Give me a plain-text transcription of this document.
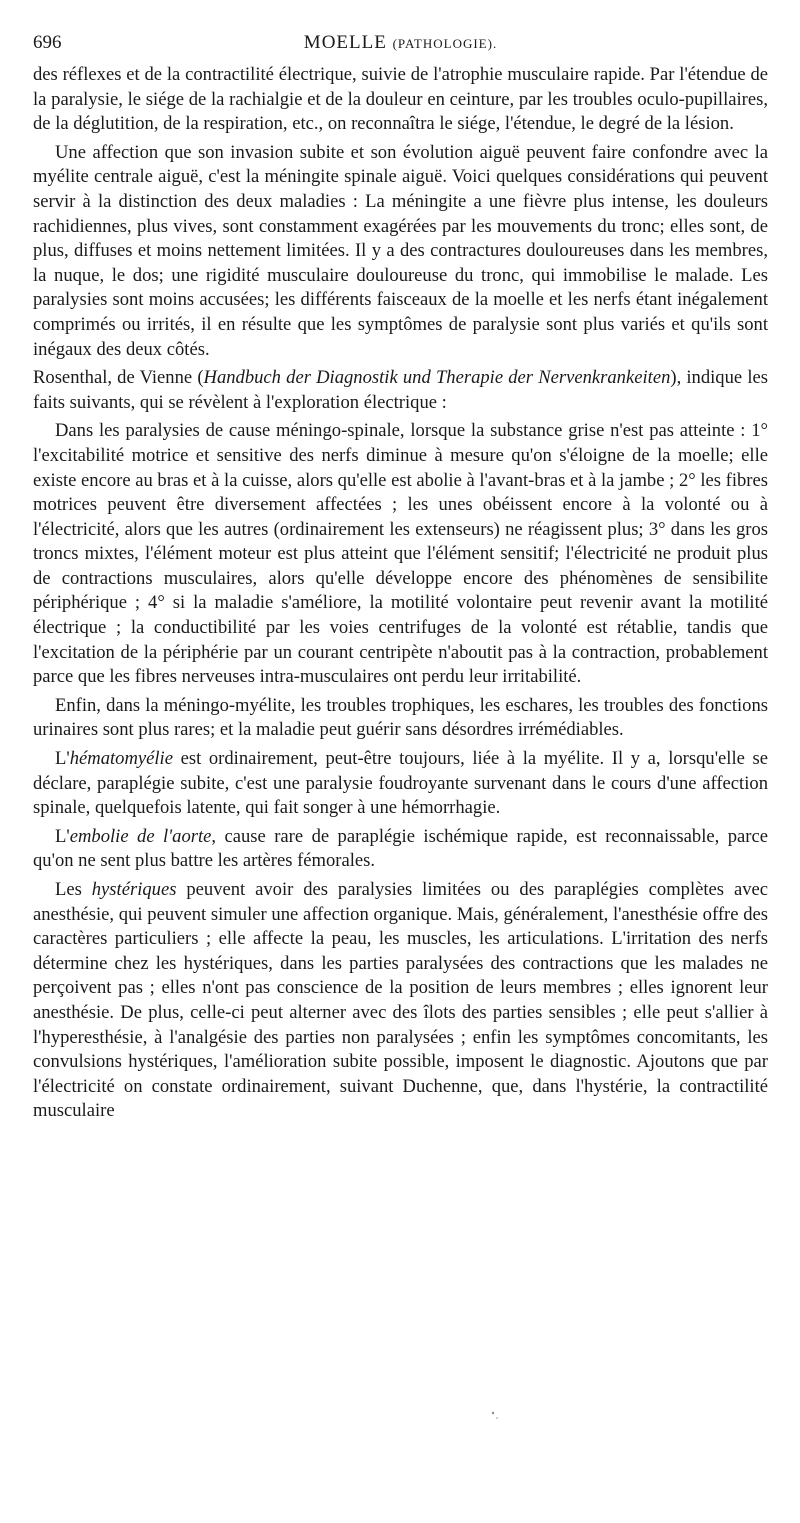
696	MOELLE (PATHOLOGIE).

des réflexes et de la contractilité électrique, suivie de l'atrophie musculaire rapide. Par l'étendue de la paralysie, le siége de la rachialgie et de la douleur en ceinture, par les troubles oculo-pupillaires, de la déglutition, de la respiration, etc., on reconnaîtra le siége, l'étendue, le degré de la lésion.

Une affection que son invasion subite et son évolution aiguë peuvent faire confondre avec la myélite centrale aiguë, c'est la méningite spinale aiguë. Voici quelques considérations qui peuvent servir à la distinction des deux maladies : La méningite a une fièvre plus intense, les douleurs rachidiennes, plus vives, sont constamment exagérées par les mouvements du tronc; elles sont, de plus, diffuses et moins nettement limitées. Il y a des contractures douloureuses dans les membres, la nuque, le dos; une rigidité musculaire douloureuse du tronc, qui immobilise le malade. Les paralysies sont moins accusées; les différents faisceaux de la moelle et les nerfs étant inégalement comprimés ou irrités, il en résulte que les symptômes de paralysie sont plus variés et qu'ils sont inégaux des deux côtés.

Rosenthal, de Vienne (Handbuch der Diagnostik und Therapie der Nervenkrankeiten), indique les faits suivants, qui se révèlent à l'exploration électrique :

Dans les paralysies de cause méningo-spinale, lorsque la substance grise n'est pas atteinte : 1° l'excitabilité motrice et sensitive des nerfs diminue à mesure qu'on s'éloigne de la moelle; elle existe encore au bras et à la cuisse, alors qu'elle est abolie à l'avant-bras et à la jambe ; 2° les fibres motrices peuvent être diversement affectées ; les unes obéissent encore à la volonté ou à l'électricité, alors que les autres (ordinairement les extenseurs) ne réagissent plus; 3° dans les gros troncs mixtes, l'élément moteur est plus atteint que l'élément sensitif; l'électricité ne produit plus de contractions musculaires, alors qu'elle développe encore des phénomènes de sensibilite périphérique ; 4° si la maladie s'améliore, la motilité volontaire peut revenir avant la motilité électrique ; la conductibilité par les voies centrifuges de la volonté est rétablie, tandis que l'excitation de la périphérie par un courant centripète n'aboutit pas à la contraction, probablement parce que les fibres nerveuses intra-musculaires ont perdu leur irritabilité.

Enfin, dans la méningo-myélite, les troubles trophiques, les eschares, les troubles des fonctions urinaires sont plus rares; et la maladie peut guérir sans désordres irrémédiables.

L'hématomyélie est ordinairement, peut-être toujours, liée à la myélite. Il y a, lorsqu'elle se déclare, paraplégie subite, c'est une paralysie foudroyante survenant dans le cours d'une affection spinale, quelquefois latente, qui fait songer à une hémorrhagie.

L'embolie de l'aorte, cause rare de paraplégie ischémique rapide, est reconnaissable, parce qu'on ne sent plus battre les artères fémorales.

Les hystériques peuvent avoir des paralysies limitées ou des paraplégies complètes avec anesthésie, qui peuvent simuler une affection organique. Mais, généralement, l'anesthésie offre des caractères particuliers ; elle affecte la peau, les muscles, les articulations. L'irritation des nerfs détermine chez les hystériques, dans les parties paralysées des contractions que les malades ne perçoivent pas ; elles n'ont pas conscience de la position de leurs membres ; elles ignorent leur anesthésie. De plus, celle-ci peut alterner avec des îlots des parties sensibles ; elle peut s'allier à l'hyperesthésie, à l'analgésie des parties non paralysées ; enfin les symptômes concomitants, les convulsions hystériques, l'amélioration subite possible, imposent le diagnostic. Ajoutons que par l'électricité on constate ordinairement, suivant Duchenne, que, dans l'hystérie, la contractilité musculaire
